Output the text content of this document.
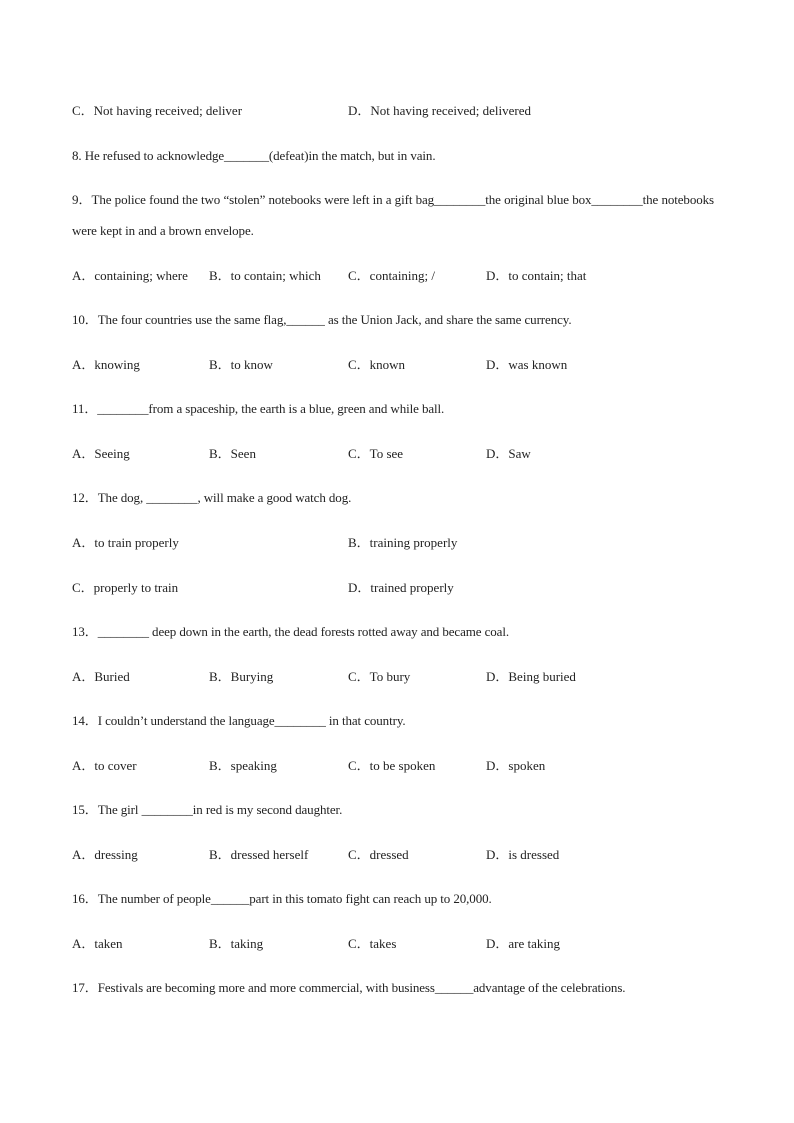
C．Not having received; deliver	D．Not having received; delivered
8. He refused to acknowledge_______(defeat)in the match, but in vain.
9．The police found the two “stolen” notebooks were left in a gift bag________the original blue box________the notebooks were kept in and a brown envelope.
A．containing; where B．to contain; which C．containing; /	D．to contain; that
10．The four countries use the same flag,______ as the Union Jack, and share the same currency.
A．knowing	B．to know	C．known	D．was known
11．________from a spaceship, the earth is a blue, green and while ball.
A．Seeing	B．Seen	C．To see	D．Saw
12．The dog, ________, will make a good watch dog.
A．to train properly	B．training properly
C．properly to train	D．trained properly
13．________ deep down in the earth, the dead forests rotted away and became coal.
A．Buried	B．Burying	C．To bury	D．Being buried
14．I couldn’t understand the language________ in that country.
A．to cover	B．speaking	C．to be spoken	D．spoken
15．The girl ________in red is my second daughter.
A．dressing	B．dressed herself	C．dressed	D．is dressed
16．The number of people______part in this tomato fight can reach up to 20,000.
A．taken	B．taking	C．takes	D．are taking
17．Festivals are becoming more and more commercial, with business______advantage of the celebrations.
